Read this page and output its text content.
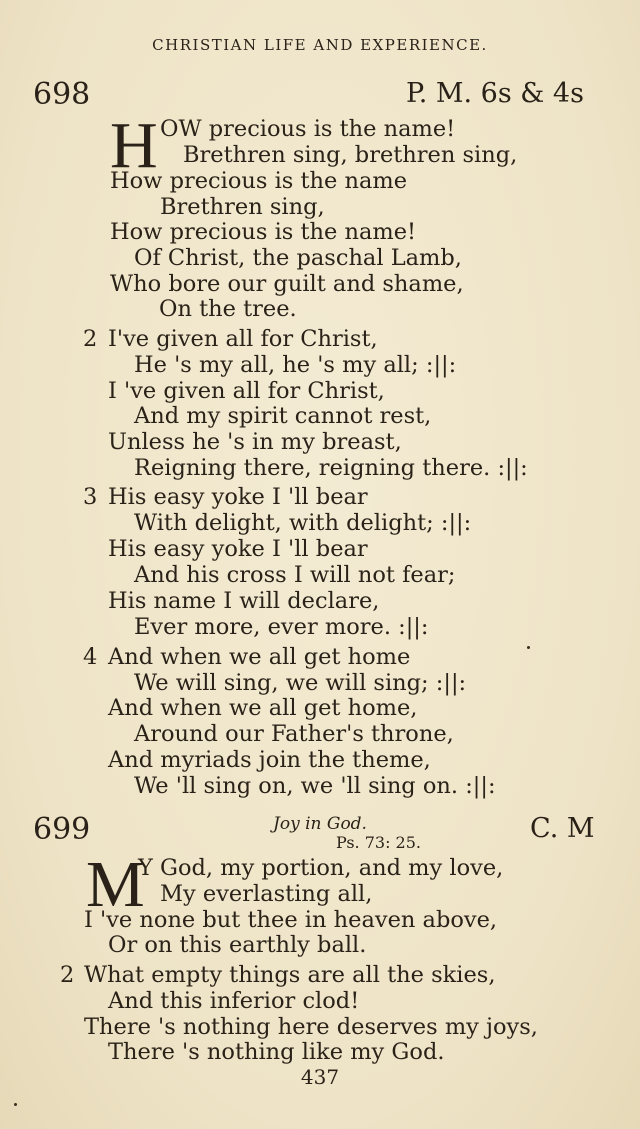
CHRISTIAN LIFE AND EXPERIENCE.
698	P. M. 6s & 4s
H OW precious is the name!
Brethren sing, brethren sing,
How precious is the name
Brethren sing,
How precious is the name!
Of Christ, the paschal Lamb,
Who bore our guilt and shame,
On the tree.
2 I've given all for Christ,
He 's my all, he 's my all; :||:
I 've given all for Christ,
And my spirit cannot rest,
Unless he 's in my breast,
Reigning there, reigning there. :||:
3 His easy yoke I 'll bear
With delight, with delight; :||:
His easy yoke I 'll bear
And his cross I will not fear;
His name I will declare,
Ever more, ever more. :||:
4 And when we all get home
We will sing, we will sing; :||:
And when we all get home,
Around our Father's throne,
And myriads join the theme,
We 'll sing on, we 'll sing on. :||:
699	Joy in God.
Ps. 73: 25.	C. M
M
Y God, my portion, and my love,
My everlasting all,
I 've none but thee in heaven above,
Or on this earthly ball.
2 What empty things are all the skies,
And this inferior clod!
There 's nothing here deserves my joys,
There 's nothing like my God.
437
